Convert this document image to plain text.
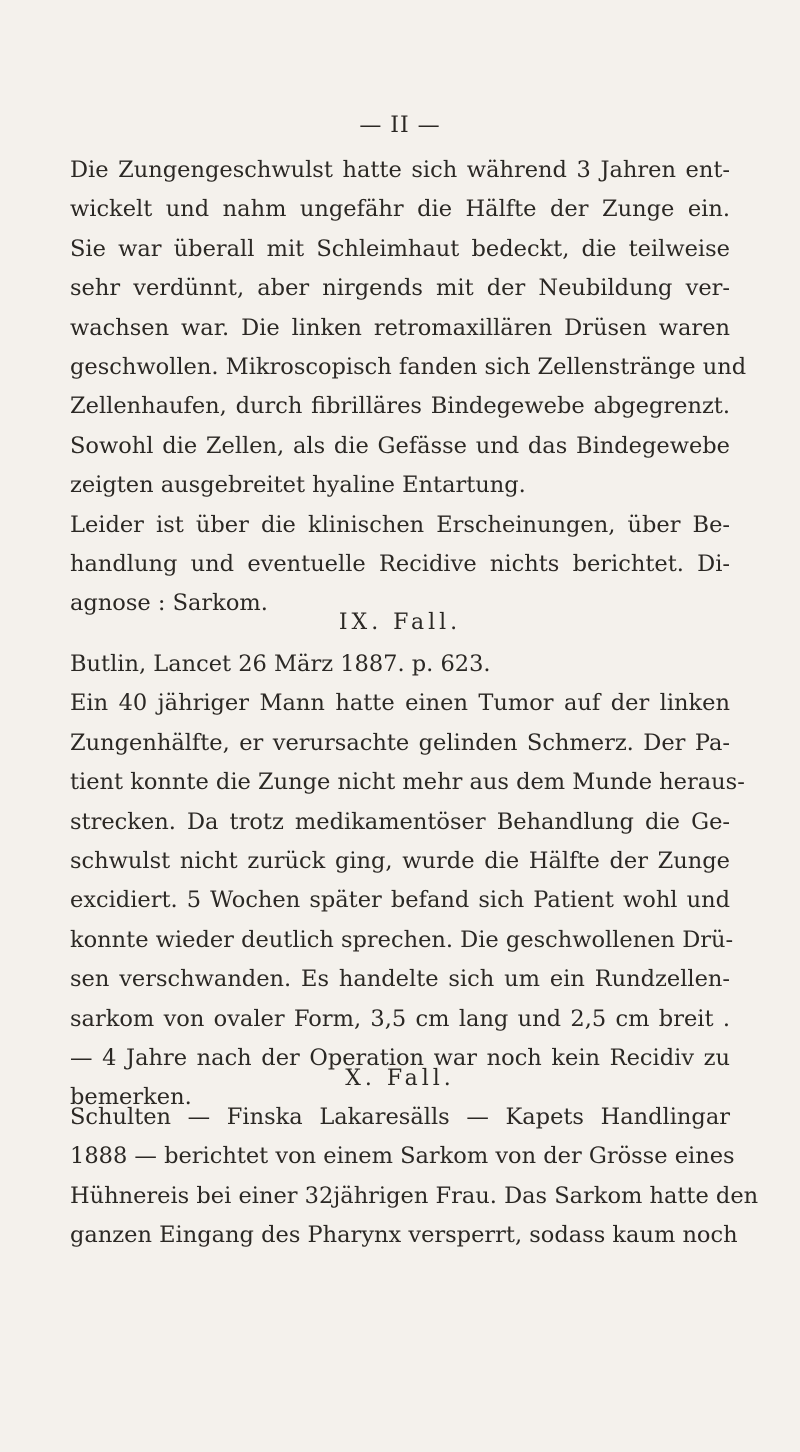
— II —
Die Zungengeschwulst hatte sich während 3 Jahren ent-
wickelt und nahm ungefähr die Hälfte der Zunge ein.
Sie war überall mit Schleimhaut bedeckt, die teilweise
sehr verdünnt, aber nirgends mit der Neubildung ver-
wachsen war. Die linken retromaxillären Drüsen waren
geschwollen. Mikroscopisch fanden sich Zellenstränge und
Zellenhaufen, durch fibrilläres Bindegewebe abgegrenzt.
Sowohl die Zellen, als die Gefässe und das Bindegewebe
zeigten ausgebreitet hyaline Entartung.
Leider ist über die klinischen Erscheinungen, über Be-
handlung und eventuelle Recidive nichts berichtet. Di-
agnose : Sarkom.
IX. Fall.
Butlin, Lancet 26 März 1887. p. 623.
Ein 40 jähriger Mann hatte einen Tumor auf der linken
Zungenhälfte, er verursachte gelinden Schmerz. Der Pa-
tient konnte die Zunge nicht mehr aus dem Munde heraus-
strecken. Da trotz medikamentöser Behandlung die Ge-
schwulst nicht zurück ging, wurde die Hälfte der Zunge
excidiert. 5 Wochen später befand sich Patient wohl und
konnte wieder deutlich sprechen. Die geschwollenen Drü-
sen verschwanden. Es handelte sich um ein Rundzellen-
sarkom von ovaler Form, 3,5 cm lang und 2,5 cm breit .
— 4 Jahre nach der Operation war noch kein Recidiv zu
bemerken.
X. Fall.
Schulten — Finska Lakaresälls — Kapets Handlingar
1888 — berichtet von einem Sarkom von der Grösse eines
Hühnereis bei einer 32jährigen Frau. Das Sarkom hatte den
ganzen Eingang des Pharynx versperrt, sodass kaum noch
